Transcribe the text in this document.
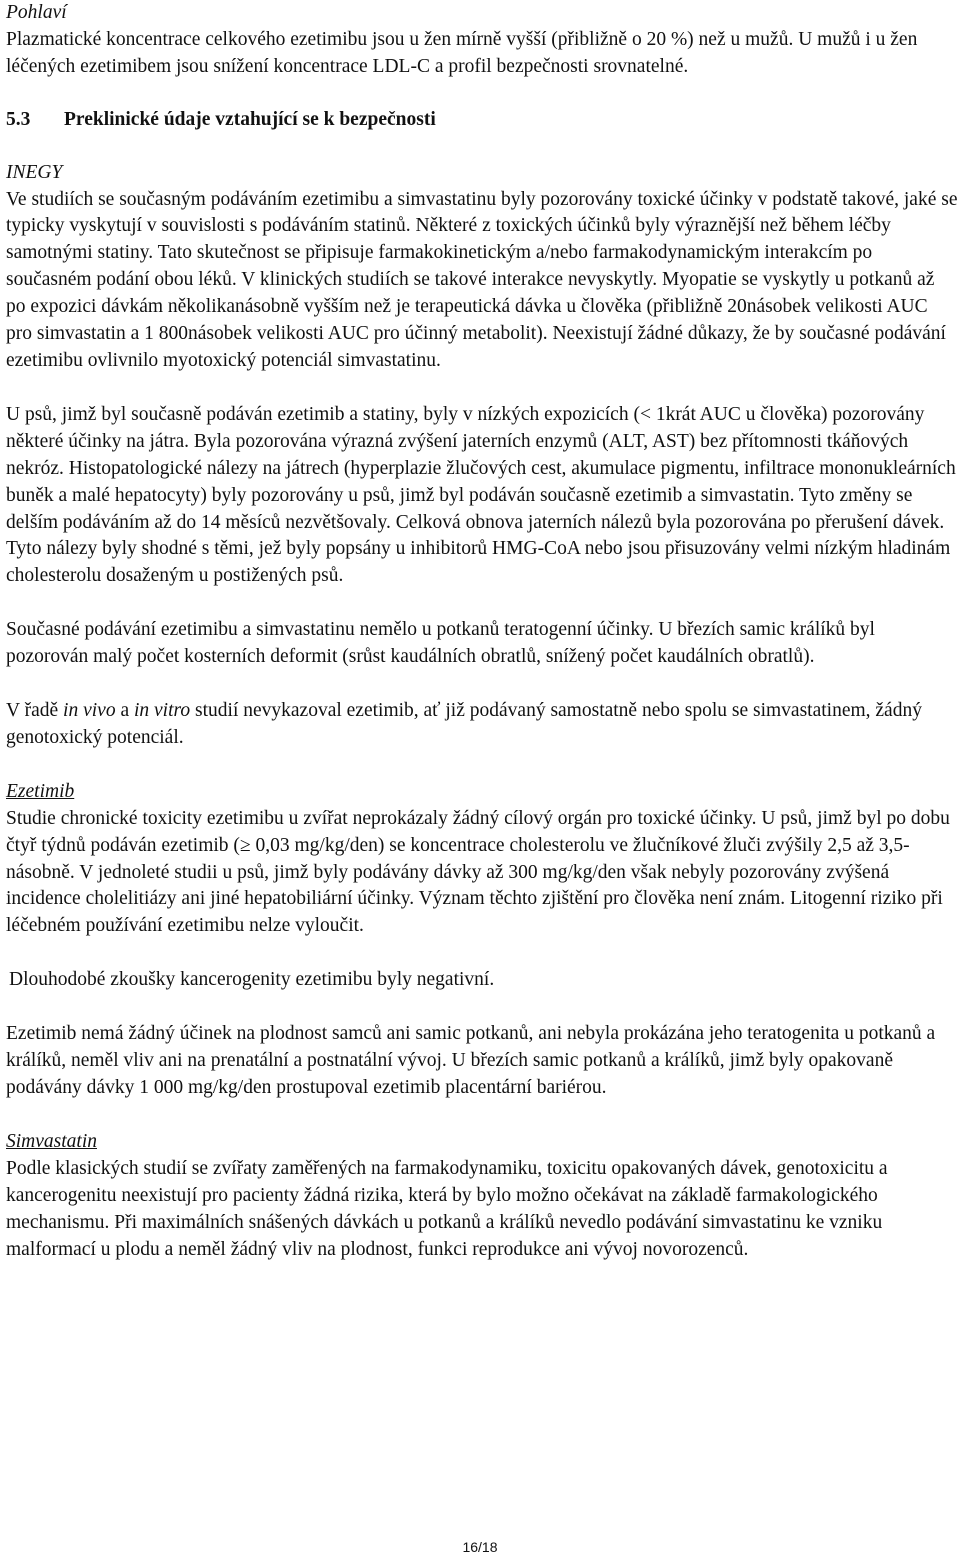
Pohlaví

Plazmatické koncentrace celkového ezetimibu jsou u žen mírně vyšší (přibližně o 20 %) než u mužů. U mužů i u žen léčených ezetimibem jsou snížení koncentrace LDL-C a profil bezpečnosti srovnatelné.

5.3 Preklinické údaje vztahující se k bezpečnosti

INEGY

Ve studiích se současným podáváním ezetimibu a simvastatinu byly pozorovány toxické účinky v podstatě takové, jaké se typicky vyskytují v souvislosti s podáváním statinů. Některé z toxických účinků byly výraznější než během léčby samotnými statiny. Tato skutečnost se připisuje farmakokinetickým a/nebo farmakodynamickým interakcím po současném podání obou léků. V klinických studiích se takové interakce nevyskytly. Myopatie se vyskytly u potkanů až po expozici dávkám několikanásobně vyšším než je terapeutická dávka u člověka (přibližně 20násobek velikosti AUC pro simvastatin a 1 800násobek velikosti AUC pro účinný metabolit). Neexistují žádné důkazy, že by současné podávání ezetimibu ovlivnilo myotoxický potenciál simvastatinu.

U psů, jimž byl současně podáván ezetimib a statiny, byly v nízkých expozicích (< 1krát AUC u člověka) pozorovány některé účinky na játra. Byla pozorována výrazná zvýšení jaterních enzymů (ALT, AST) bez přítomnosti tkáňových nekróz. Histopatologické nálezy na játrech (hyperplazie žlučových cest, akumulace pigmentu, infiltrace mononukleárních buněk a malé hepatocyty) byly pozorovány u psů, jimž byl podáván současně ezetimib a simvastatin. Tyto změny se delším podáváním až do 14 měsíců nezvětšovaly. Celková obnova jaterních nálezů byla pozorována po přerušení dávek. Tyto nálezy byly shodné s těmi, jež byly popsány u inhibitorů HMG-CoA nebo jsou přisuzovány velmi nízkým hladinám cholesterolu dosaženým u postižených psů.

Současné podávání ezetimibu a simvastatinu nemělo u potkanů teratogenní účinky. U březích samic králíků byl pozorován malý počet kosterních deformit (srůst kaudálních obratlů, snížený počet kaudálních obratlů).

V řadě in vivo a in vitro studií nevykazoval ezetimib, ať již podávaný samostatně nebo spolu se simvastatinem, žádný genotoxický potenciál.

Ezetimib

Studie chronické toxicity ezetimibu u zvířat neprokázaly žádný cílový orgán pro toxické účinky. U psů, jimž byl po dobu čtyř týdnů podáván ezetimib (≥ 0,03 mg/kg/den) se koncentrace cholesterolu ve žlučníkové žluči zvýšily 2,5 až 3,5-násobně. V jednoleté studii u psů, jimž byly podávány dávky až 300 mg/kg/den však nebyly pozorovány zvýšená incidence cholelitiázy ani jiné hepatobiliární účinky. Význam těchto zjištění pro člověka není znám. Litogenní riziko při léčebném používání ezetimibu nelze vyloučit.

Dlouhodobé zkoušky kancerogenity ezetimibu byly negativní.

Ezetimib nemá žádný účinek na plodnost samců ani samic potkanů, ani nebyla prokázána jeho teratogenita u potkanů a králíků, neměl vliv ani na prenatální a postnatální vývoj. U březích samic potkanů a králíků, jimž byly opakovaně podávány dávky 1 000 mg/kg/den prostupoval ezetimib placentární bariérou.

Simvastatin

Podle klasických studií se zvířaty zaměřených na farmakodynamiku, toxicitu opakovaných dávek, genotoxicitu a kancerogenitu neexistují pro pacienty žádná rizika, která by bylo možno očekávat na základě farmakologického mechanismu. Při maximálních snášených dávkách u potkanů a králíků nevedlo podávání simvastatinu ke vzniku malformací u plodu a neměl žádný vliv na plodnost, funkci reprodukce ani vývoj novorozenců.

16/18
